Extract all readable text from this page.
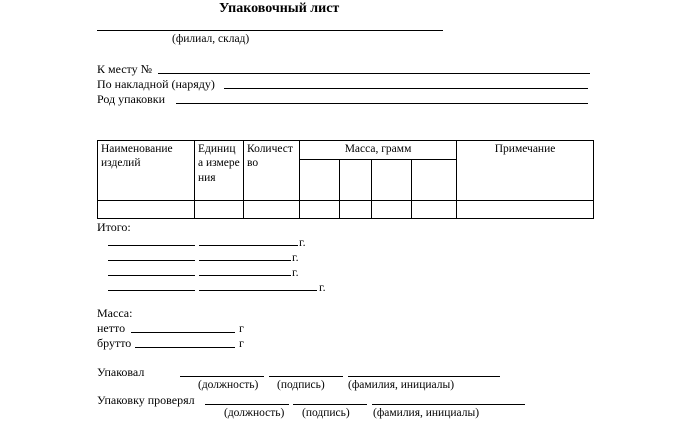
Упаковочный лист
(филиал, склад)
К месту №
По накладной (наряду)
Род упаковки
Наименование изделий	Единица измерения	Количество	Масса, грамм				Примечание

Итого:
г.
г.
г.
г.
Масса:
нетто	г
брутто	г
Упаковал
(должность) (подпись) (фамилия, инициалы)
Упаковку проверял
(должность) (подпись) (фамилия, инициалы)
